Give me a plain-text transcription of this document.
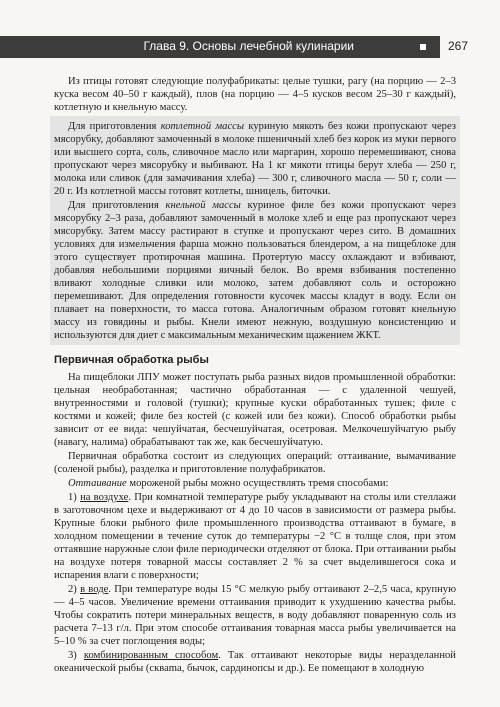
Глава 9. Основы лечебной кулинарии	267

Из птицы готовят следующие полуфабрикаты: целые тушки, рагу (на порцию — 2–3 куска весом 40–50 г каждый), плов (на порцию — 4–5 кусков весом 25–30 г каждый), котлетную и кнельную массу.

Для приготовления котлетной массы куриную мякоть без кожи пропускают через мясорубку, добавляют замоченный в молоке пшеничный хлеб без корок из муки первого или высшего сорта, соль, сливочное масло или маргарин, хорошо перемешивают, снова пропускают через мясорубку и выбивают. На 1 кг мякоти птицы берут хлеба — 250 г, молока или сливок (для замачивания хлеба) — 300 г, сливочного масла — 50 г, соли — 20 г. Из котлетной массы готовят котлеты, шницель, биточки.

Для приготовления кнельной массы куриное филе без кожи пропускают через мясорубку 2–3 раза, добавляют замоченный в молоке хлеб и еще раз пропускают через мясорубку. Затем массу растирают в ступке и пропускают через сито. В домашних условиях для измельчения фарша можно пользоваться блендером, а на пищеблоке для этого существует протирочная машина. Протертую массу охлаждают и взбивают, добавляя небольшими порциями яичный белок. Во время взбивания постепенно вливают холодные сливки или молоко, затем добавляют соль и осторожно перемешивают. Для определения готовности кусочек массы кладут в воду. Если он плавает на поверхности, то масса готова. Аналогичным образом готовят кнельную массу из говядины и рыбы. Кнели имеют нежную, воздушную консистенцию и используются для диет с максимальным механическим щажением ЖКТ.

Первичная обработка рыбы

На пищеблоки ЛПУ может поступать рыба разных видов промышленной обработки: цельная необработанная; частично обработанная — с удаленной чешуей, внутренностями и головой (тушки); крупные куски обработанных тушек; филе с костями и кожей; филе без костей (с кожей или без кожи). Способ обработки рыбы зависит от ее вида: чешуйчатая, бесчешуйчатая, осетровая. Мелкочешуйчатую рыбу (навагу, налима) обрабатывают так же, как бесчешуйчатую.

Первичная обработка состоит из следующих операций: оттаивание, вымачивание (соленой рыбы), разделка и приготовление полуфабрикатов.

Оттаивание мороженой рыбы можно осуществлять тремя способами:

1) на воздухе. При комнатной температуре рыбу укладывают на столы или стеллажи в заготовочном цехе и выдерживают от 4 до 10 часов в зависимости от размера рыбы. Крупные блоки рыбного филе промышленного производства оттаивают в бумаге, в холодном помещении в течение суток до температуры −2 °С в толще слоя, при этом оттаявшие наружные слои филе периодически отделяют от блока. При оттаивании рыбы на воздухе потеря товарной массы составляет 2 % за счет выделившегося сока и испарения влаги с поверхности;

2) в воде. При температуре воды 15 °С мелкую рыбу оттаивают 2–2,5 часа, крупную — 4–5 часов. Увеличение времени оттаивания приводит к ухудшению качества рыбы. Чтобы сократить потери минеральных веществ, в воду добавляют поваренную соль из расчета 7–13 г/л. При этом способе оттаивания товарная масса рыбы увеличивается на 5–10 % за счет поглощения воды;

3) комбинированным способом. Так оттаивают некоторые виды неразделанной океанической рыбы (скваma, бычок, сардинопсы и др.). Ее помещают в холодную
